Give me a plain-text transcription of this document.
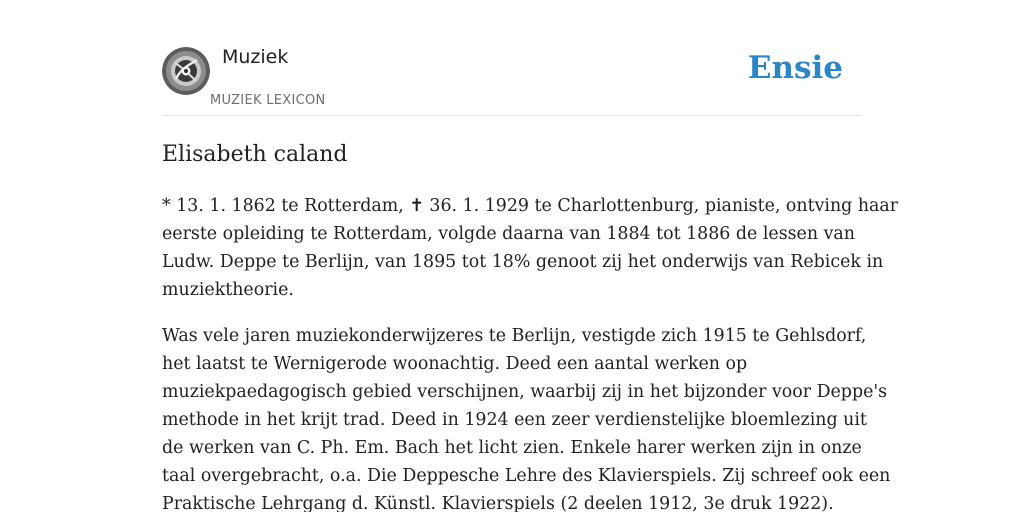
Muziek
MUZIEK LEXICON
Ensie
Elisabeth caland

* 13. 1. 1862 te Rotterdam, ✝ 36. 1. 1929 te Charlottenburg, pianiste, ontving haar
eerste opleiding te Rotterdam, volgde daarna van 1884 tot 1886 de lessen van
Ludw. Deppe te Berlijn, van 1895 tot 18% genoot zij het onderwijs van Rebicek in
muziektheorie.

Was vele jaren muziekonderwijzeres te Berlijn, vestigde zich 1915 te Gehlsdorf,
het laatst te Wernigerode woonachtig. Deed een aantal werken op
muziekpaedagogisch gebied verschijnen, waarbij zij in het bijzonder voor Deppe's
methode in het krijt trad. Deed in 1924 een zeer verdienstelijke bloemlezing uit
de werken van C. Ph. Em. Bach het licht zien. Enkele harer werken zijn in onze
taal overgebracht, o.a. Die Deppesche Lehre des Klavierspiels. Zij schreef ook een
Praktische Lehrgang d. Künstl. Klavierspiels (2 deelen 1912, 3e druk 1922).
